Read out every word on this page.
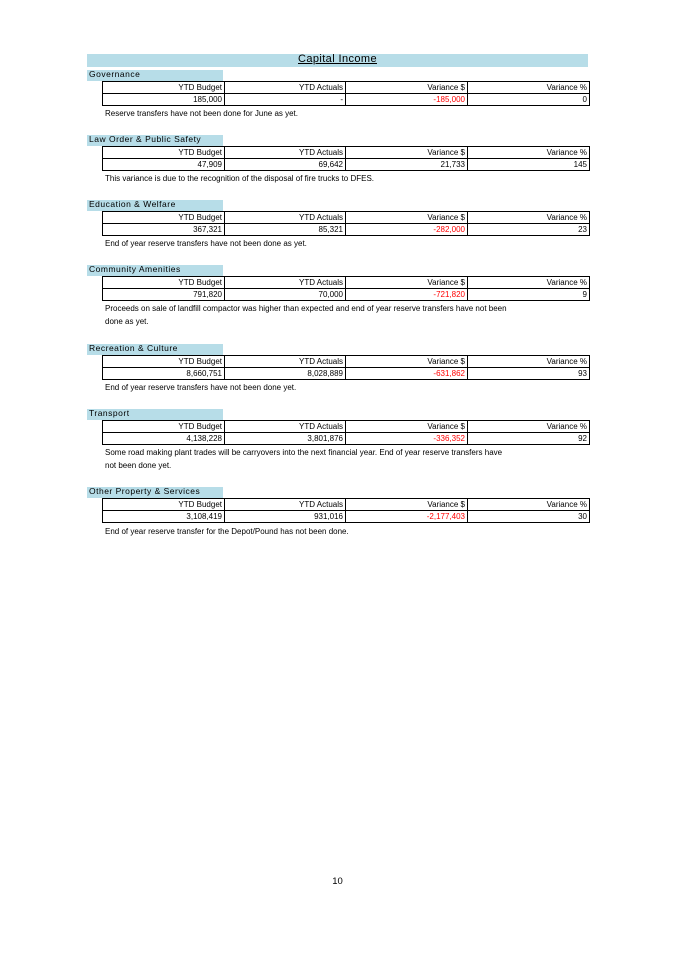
Capital Income
Governance
YTD Budget	YTD Actuals	Variance $	Variance %
185,000	-	-185,000	0
Reserve transfers have not been done for June as yet.
Law Order & Public Safety
YTD Budget	YTD Actuals	Variance $	Variance %
47,909	69,642	21,733	145
This variance is due to the recognition of the disposal of fire trucks to DFES.
Education & Welfare
YTD Budget	YTD Actuals	Variance $	Variance %
367,321	85,321	-282,000	23
End of year reserve transfers have not been done as yet.
Community Amenities
YTD Budget	YTD Actuals	Variance $	Variance %
791,820	70,000	-721,820	9
Proceeds on sale of landfill compactor was higher than expected and end of year reserve transfers have not been
done as yet.
Recreation & Culture
YTD Budget	YTD Actuals	Variance $	Variance %
8,660,751	8,028,889	-631,862	93
End of year reserve transfers have not been done yet.
Transport
YTD Budget	YTD Actuals	Variance $	Variance %
4,138,228	3,801,876	-336,352	92
Some road making plant trades will be carryovers into the next financial year. End of year reserve transfers have
not been done yet.
Other Property & Services
YTD Budget	YTD Actuals	Variance $	Variance %
3,108,419	931,016	-2,177,403	30
End of year reserve transfer for the Depot/Pound has not been done.
10
